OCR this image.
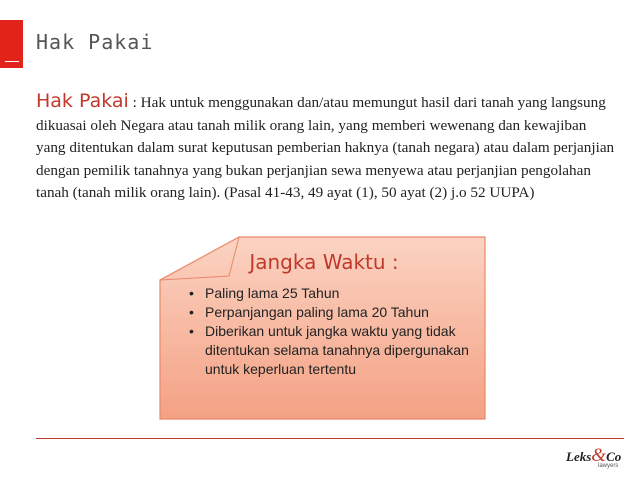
Hak Pakai

Hak Pakai : Hak untuk menggunakan dan/atau memungut hasil dari tanah yang langsung dikuasai oleh Negara atau tanah milik orang lain, yang memberi wewenang dan kewajiban yang ditentukan dalam surat keputusan pemberian haknya (tanah negara) atau dalam perjanjian dengan pemilik tanahnya yang bukan perjanjian sewa menyewa atau perjanjian pengolahan tanah (tanah milik orang lain). (Pasal 41-43, 49 ayat (1), 50 ayat (2) j.o 52 UUPA)

Jangka Waktu :
• Paling lama 25 Tahun
• Perpanjangan paling lama 20 Tahun
• Diberikan untuk jangka waktu yang tidak ditentukan selama tanahnya dipergunakan untuk keperluan tertentu
Leks&Co
lawyers
